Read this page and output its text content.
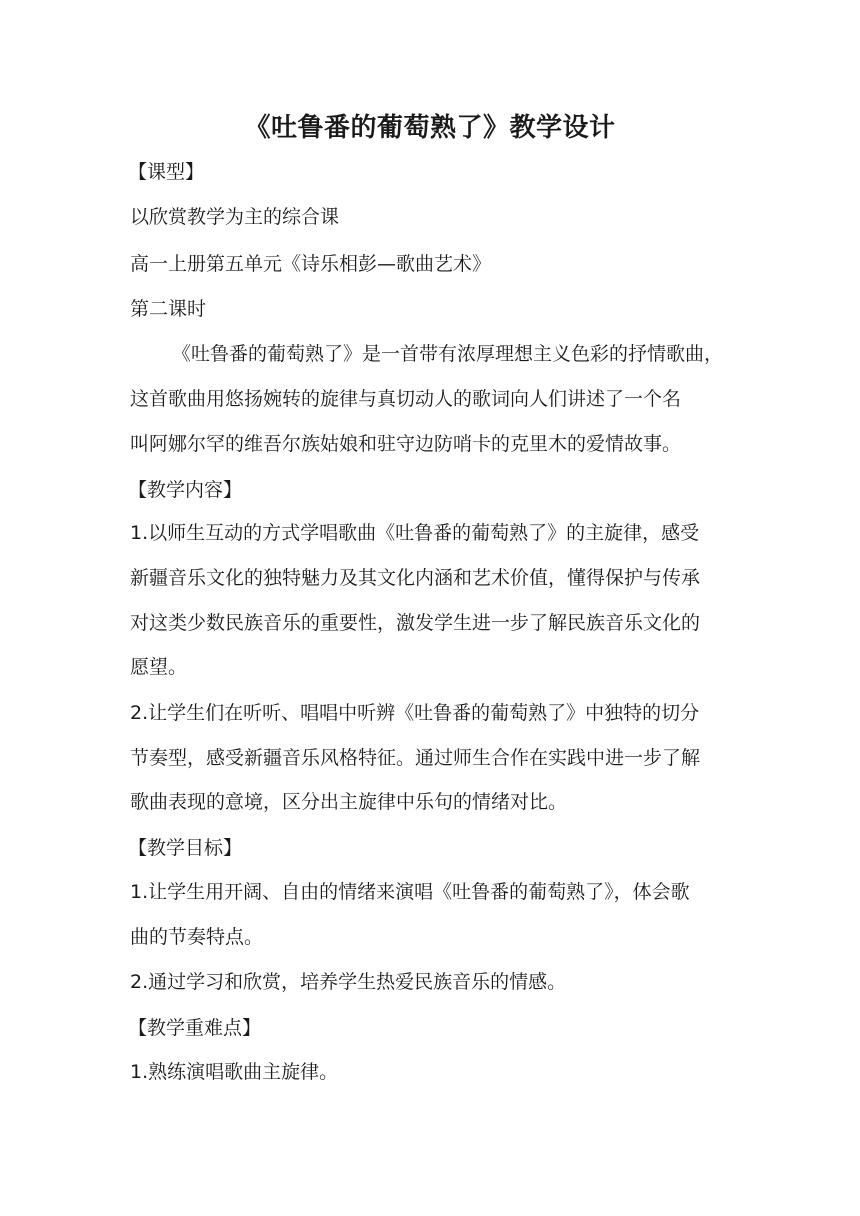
《吐鲁番的葡萄熟了》教学设计

【课型】

以欣赏教学为主的综合课

高一上册第五单元《诗乐相彭—歌曲艺术》

第二课时

《吐鲁番的葡萄熟了》是一首带有浓厚理想主义色彩的抒情歌曲，

这首歌曲用悠扬婉转的旋律与真切动人的歌词向人们讲述了一个名

叫阿娜尔罕的维吾尔族姑娘和驻守边防哨卡的克里木的爱情故事。

【教学内容】

1.以师生互动的方式学唱歌曲《吐鲁番的葡萄熟了》的主旋律，感受

新疆音乐文化的独特魅力及其文化内涵和艺术价值，懂得保护与传承

对这类少数民族音乐的重要性，激发学生进一步了解民族音乐文化的

愿望。

2.让学生们在听听、唱唱中听辨《吐鲁番的葡萄熟了》中独特的切分

节奏型，感受新疆音乐风格特征。通过师生合作在实践中进一步了解

歌曲表现的意境，区分出主旋律中乐句的情绪对比。

【教学目标】

1.让学生用开阔、自由的情绪来演唱《吐鲁番的葡萄熟了》，体会歌

曲的节奏特点。

2.通过学习和欣赏，培养学生热爱民族音乐的情感。

【教学重难点】

1.熟练演唱歌曲主旋律。
